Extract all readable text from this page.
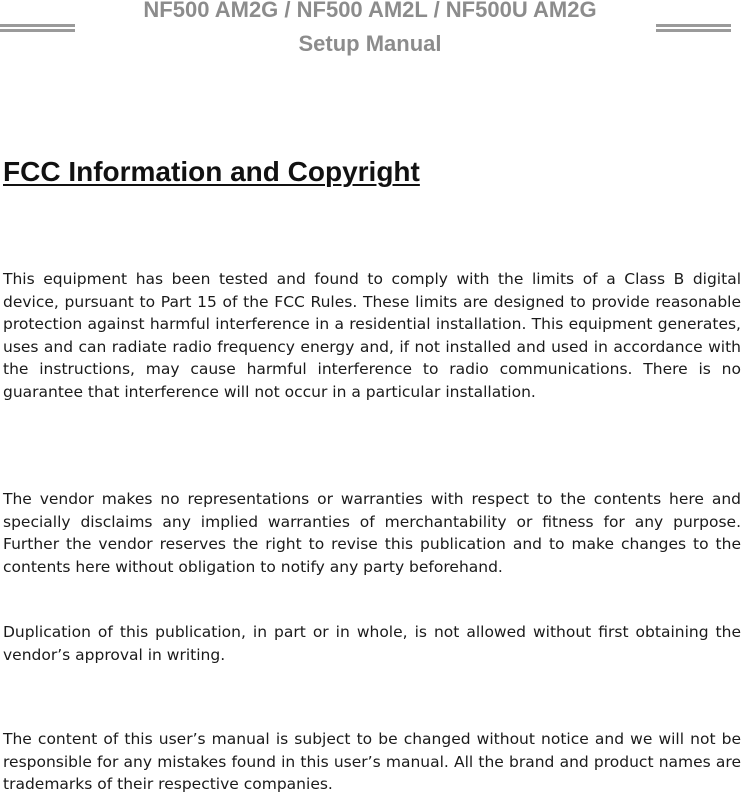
NF500 AM2G / NF500 AM2L / NF500U AM2G
Setup Manual
FCC Information and Copyright

This equipment has been tested and found to comply with the limits of a Class B digital device, pursuant to Part 15 of the FCC Rules. These limits are designed to provide reasonable protection against harmful interference in a residential installation. This equipment generates, uses and can radiate radio frequency energy and, if not installed and used in accordance with the instructions, may cause harmful interference to radio communications. There is no guarantee that interference will not occur in a particular installation.

The vendor makes no representations or warranties with respect to the contents here and specially disclaims any implied warranties of merchantability or fitness for any purpose. Further the vendor reserves the right to revise this publication and to make changes to the contents here without obligation to notify any party beforehand.

Duplication of this publication, in part or in whole, is not allowed without first obtaining the vendor’s approval in writing.

The content of this user’s manual is subject to be changed without notice and we will not be responsible for any mistakes found in this user’s manual. All the brand and product names are trademarks of their respective companies.
